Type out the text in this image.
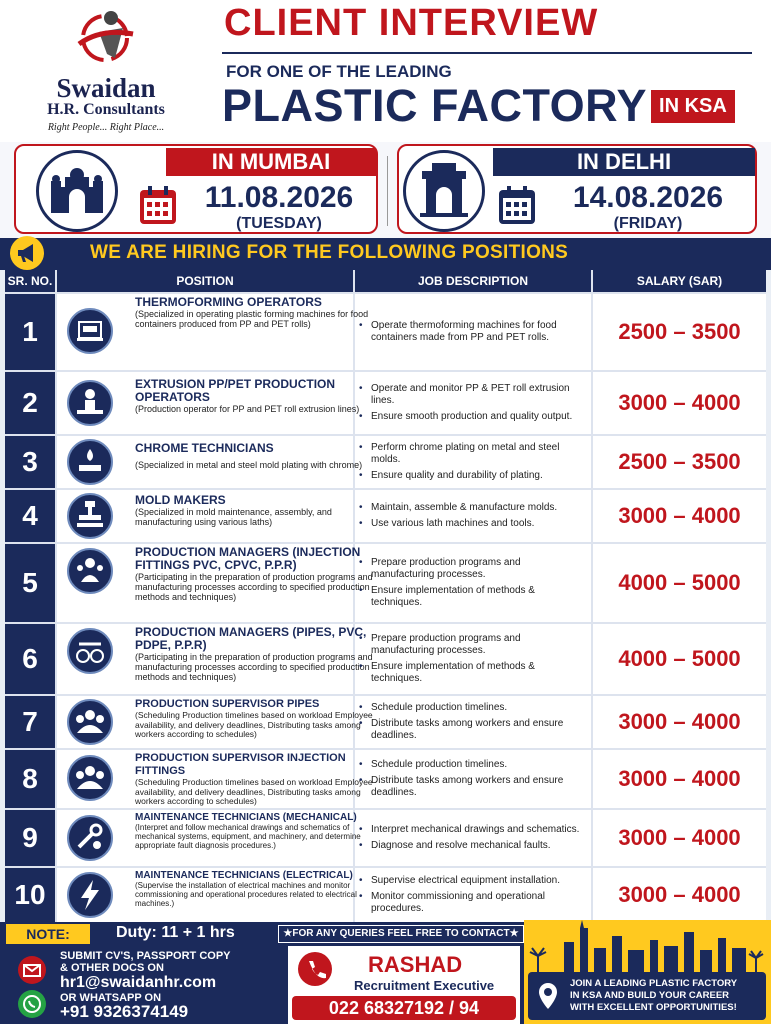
Swaidan
H.R. Consultants
Right People... Right Place...
CLIENT INTERVIEW
FOR ONE OF THE LEADING
PLASTIC FACTORY IN KSA
IN MUMBAI
11.08.2026
(TUESDAY)
IN DELHI
14.08.2026
(FRIDAY)
WE ARE HIRING FOR THE FOLLOWING POSITIONS
SR. NO.	POSITION	JOB DESCRIPTION	SALARY (SAR)
1
THERMOFORMING OPERATORS
(Specialized in operating plastic forming machines for food containers produced from PP and PET rolls)
•	Operate thermoforming machines for food containers made from PP and PET rolls.	2500 – 3500
2
EXTRUSION PP/PET PRODUCTION OPERATORS
(Production operator for PP and PET roll extrusion lines)
• Operate and monitor PP & PET roll extrusion lines.
• Ensure smooth production and quality output.
3000 – 4000
3	CHROME TECHNICIANS
(Specialized in metal and steel mold plating with chrome)
• Perform chrome plating on metal and steel molds.
• Ensure quality and durability of plating.
2500 – 3500
4	MOLD MAKERS
(Specialized in mold maintenance, assembly, and manufacturing using various laths)
• Maintain, assemble & manufacture molds.
• Use various lath machines and tools.	3000 – 4000
5
PRODUCTION MANAGERS (INJECTION FITTINGS PVC, CPVC, P.P.R)
(Participating in the preparation of production programs and manufacturing processes according to specified production methods and techniques)
• Prepare production programs and manufacturing processes.
• Ensure implementation of methods & techniques.
4000 – 5000
6
PRODUCTION MANAGERS (PIPES, PVC, PDPE, P.P.R)
(Participating in the preparation of production programs and manufacturing processes according to specified production methods and techniques)
• Prepare production programs and manufacturing processes.
• Ensure implementation of methods & techniques.
4000 – 5000
7
PRODUCTION SUPERVISOR PIPES
(Scheduling Production timelines based on workload Employee availability, and delivery deadlines, Distributing tasks among workers according to schedules)
• Schedule production timelines.
• Distribute tasks among workers and ensure deadlines.
3000 – 4000
8
PRODUCTION SUPERVISOR INJECTION FITTINGS
(Scheduling Production timelines based on workload Employee availability, and delivery deadlines, Distributing tasks among workers according to schedules)
• Schedule production timelines.
• Distribute tasks among workers and ensure deadlines.
3000 – 4000
9
MAINTENANCE TECHNICIANS (MECHANICAL)
(Interpret and follow mechanical drawings and schematics of mechanical systems, equipment, and machinery, and determine appropriate fault diagnosis procedures.)
• Interpret mechanical drawings and schematics.
• Diagnose and resolve mechanical faults.	3000 – 4000
10
MAINTENANCE TECHNICIANS (ELECTRICAL)
(Supervise the installation of electrical machines and monitor commissioning and operational procedures related to electrical machines.)
• Supervise electrical equipment installation.
• Monitor commissioning and operational procedures.
3000 – 4000
NOTE:	Duty: 11 + 1 hrs	★FOR ANY QUERIES FEEL FREE TO CONTACT★
SUBMIT CV'S, PASSPORT COPY
& OTHER DOCS ON
hr1@swaidanhr.com
OR WHATSAPP ON
+91 9326374149
RASHAD
Recruitment Executive
022 68327192 / 94
JOIN A LEADING PLASTIC FACTORY
IN KSA AND BUILD YOUR CAREER
WITH EXCELLENT OPPORTUNITIES!
